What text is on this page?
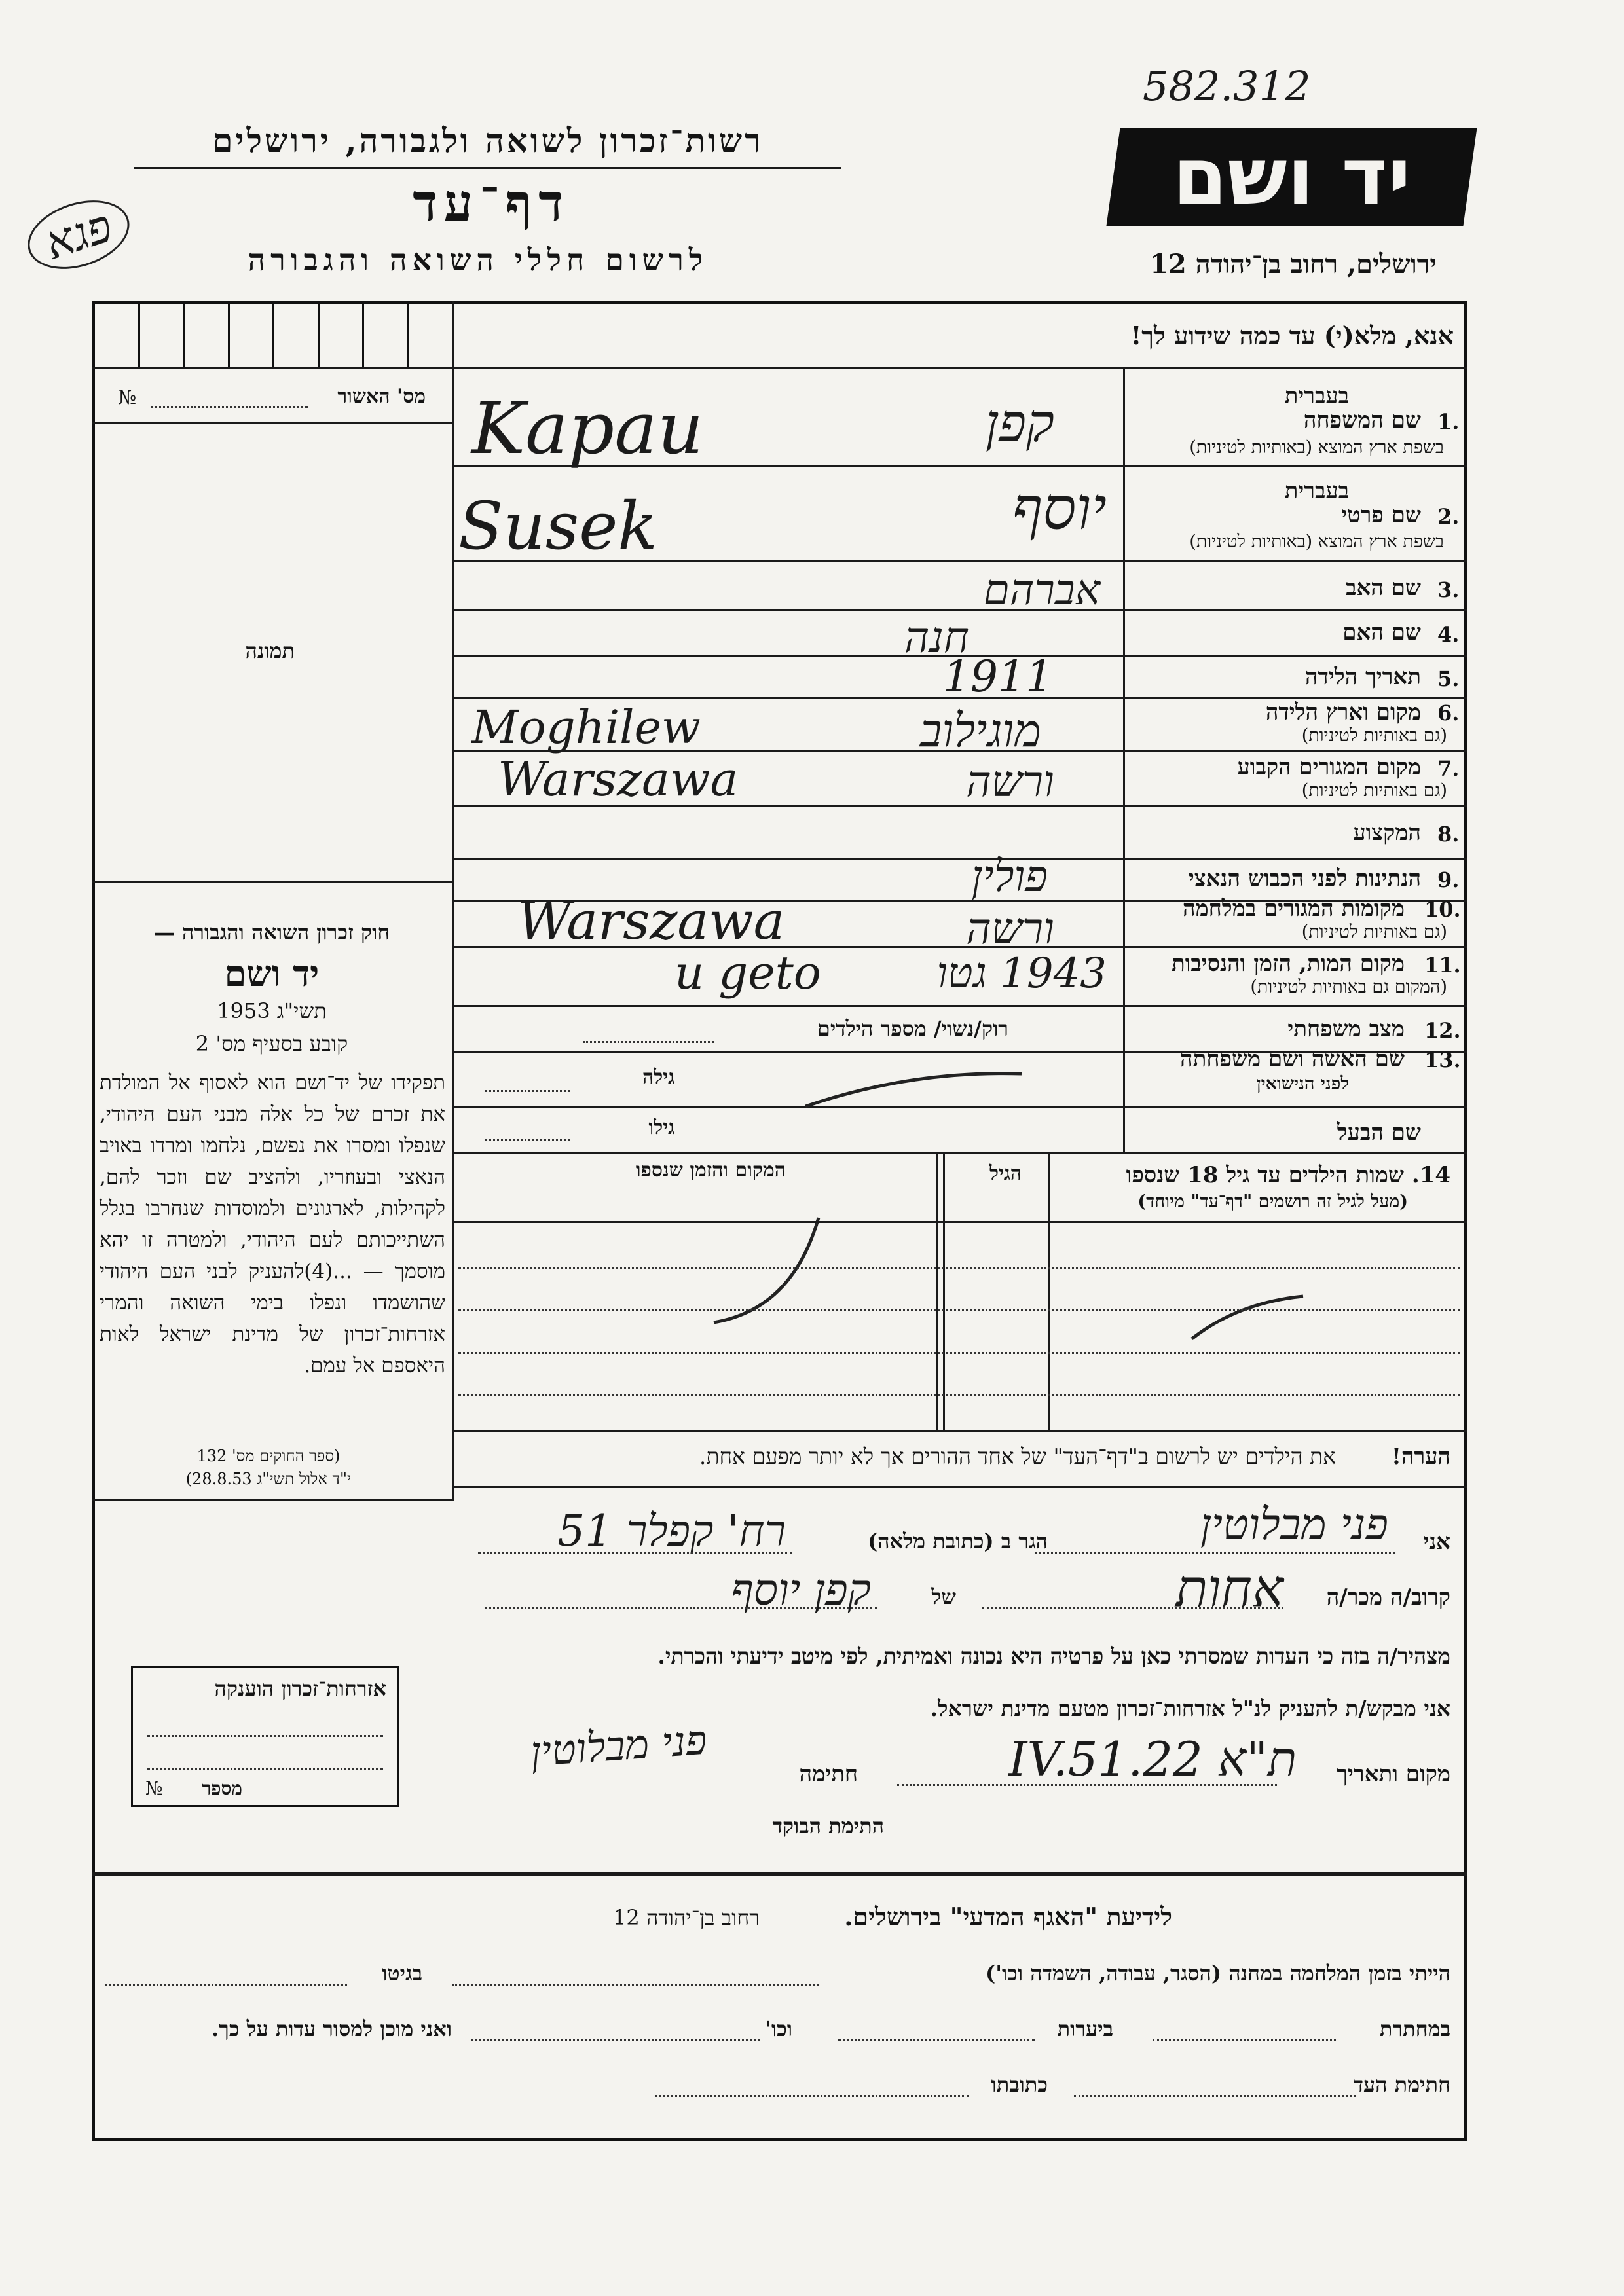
582.312
רשות־זכרון לשואה ולגבורה, ירושלים
דף־עד
לרשום חללי השואה והגבורה
יד ושם
ירושלים, רחוב בן־יהודה 12
פגא
אנא, מלא(י) עד כמה שידוע לך!
№	מס' האשור
תמונה
בעברית
1.
שם המשפחה
בשפת ארץ המוצא (באותיות לטיניות)
קפן
Kapau
בעברית
2.
שם פרטי
בשפת ארץ המוצא (באותיות לטיניות)
יוסף
Susek
3.
שם האב
אברהם
4.
שם האם
חנה
5.
תאריך הלידה
1911
6.
מקום וארץ הלידה
(גם באותיות לטיניות)
מוגילוב
Moghilew
7.
מקום המגורים הקבוע
(גם באותיות לטיניות)
ורשה
Warszawa
8.
המקצוע
9.
הנתינות לפני הכבוש הנאצי
פולין
10.
מקומות המגורים במלחמה
(גם באותיות לטיניות)
ורשה
Warszawa
11.
מקום המות, הזמן והנסיבות
(המקום גם באותיות לטיניות)
1943 גטו
u geto
12.
מצב משפחתי
רוק/נשוי/ מספר הילדים
13.
שם האשה ושם משפחתה
לפני הנישואין
גילה
שם הבעל
גילו
14. שמות הילדים עד גיל 18 שנספו
(מעל לגיל זה רושמים "דף־עד" מיוחד)
הגיל
המקום והזמן שנספו
חוק זכרון השואה והגבורה —
יד ושם
תשי"ג 1953
קובע בסעיף מס' 2
תפקידו של יד־ושם הוא לאסוף אל המולדת את זכרם של כל אלה מבני העם היהודי, שנפלו ומסרו את נפשם, נלחמו ומרדו באויב הנאצי ובעוזריו, ולהציב שם וזכר להם, לקהילות, לארגונים ולמוסדות שנחרבו בגלל השתייכותם לעם היהודי, ולמטרה זו יהא מוסמך — ...(4)להעניק לבני העם היהודי שהושמדו ונפלו בימי השואה והמרי אזרחות־זכרון של מדינת ישראל לאות היאספם אל עמם.
(ספר החוקים מס' 132
י"ד אלול תשי"ג 28.8.53)
הערה!
את הילדים יש לרשום ב"דף־העד" של אחד ההורים אך לא יותר מפעם אחת.
אני
פני מבלוטין
הגר ב (כתובת מלאה)
רח' קפלר 51
קרוב/ה מכר/ה
אחות
של
קפן יוסף
מצהיר/ה בזה כי העדות שמסרתי כאן על פרטיה היא נכונה ואמיתית, לפי מיטב ידיעתי והכרתי.
אני מבקש/ת להעניק לנ"ל אזרחות־זכרון מטעם מדינת ישראל.
מקום ותאריך
ת"א 22.IV.51
חתימה
פני מבלוטין
התימת הבוקד
אזרחות־זכרון הוענקה
מספר
№
לידיעת "האגף המדעי" בירושלים.
רחוב בן־יהודה 12
הייתי בזמן המלחמה במחנה (הסגר, עבודה, השמדה וכו')
בגיטו
במחתרת
ביערות
וכו'
ואני מוכן למסור עדות על כך.
חתימת העד
כתובתו
